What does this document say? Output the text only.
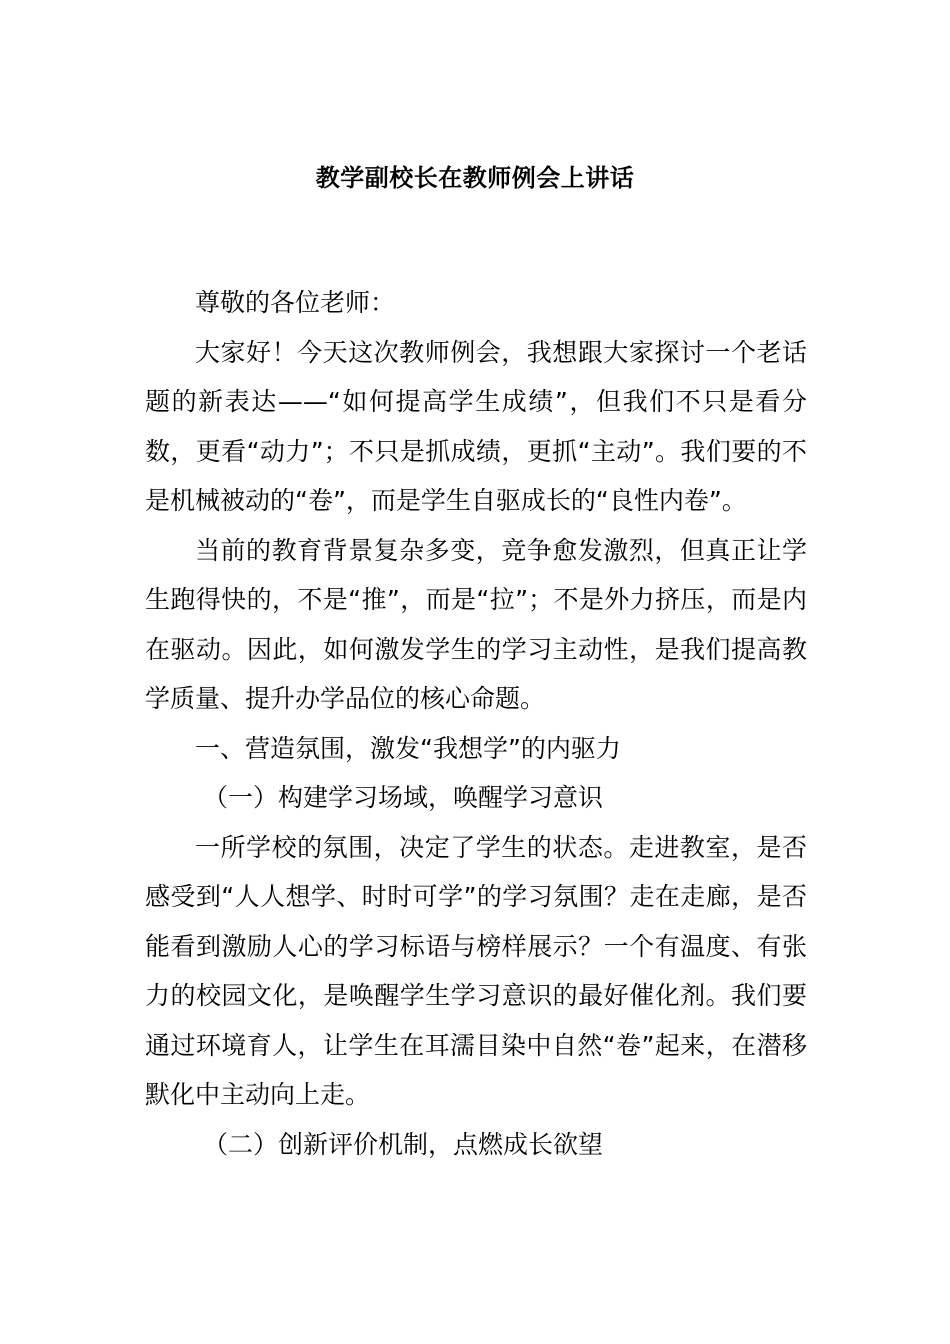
教学副校长在教师例会上讲话

尊敬的各位老师：

大家好！今天这次教师例会，我想跟大家探讨一个老话题的新表达——“如何提高学生成绩”，但我们不只是看分数，更看“动力”；不只是抓成绩，更抓“主动”。我们要的不是机械被动的“卷”，而是学生自驱成长的“良性内卷”。

当前的教育背景复杂多变，竞争愈发激烈，但真正让学生跑得快的，不是“推”，而是“拉”；不是外力挤压，而是内在驱动。因此，如何激发学生的学习主动性，是我们提高教学质量、提升办学品位的核心命题。

一、营造氛围，激发“我想学”的内驱力

（一）构建学习场域，唤醒学习意识

一所学校的氛围，决定了学生的状态。走进教室，是否感受到“人人想学、时时可学”的学习氛围？走在走廊，是否能看到激励人心的学习标语与榜样展示？一个有温度、有张力的校园文化，是唤醒学生学习意识的最好催化剂。我们要通过环境育人，让学生在耳濡目染中自然“卷”起来，在潜移默化中主动向上走。

（二）创新评价机制，点燃成长欲望
